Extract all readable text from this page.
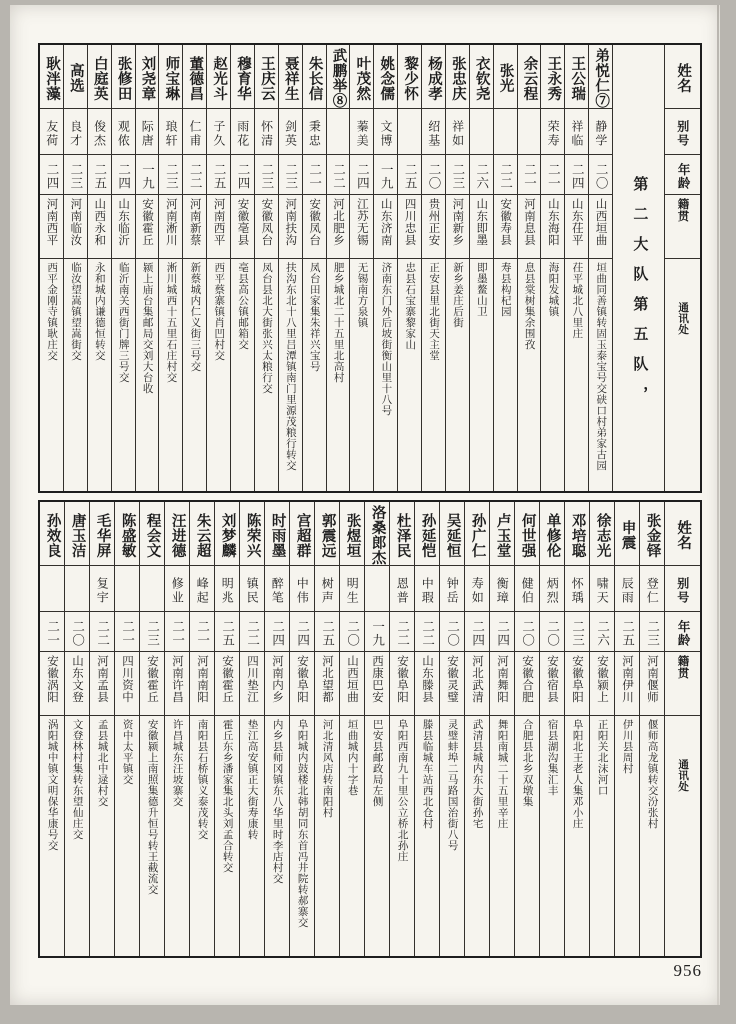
姓名
别号
年龄
籍贯
通讯处
第二大队第五队，
弟悦仁⑦
静学
二〇
山西垣曲
垣曲同善镇转固玉泰宝号交硖口村弟家古园
王公瑞
祥临
二四
山东茌平
茌平城北八里庄
王永秀
荣寿
二一
山东海阳
海阳发城镇
余云程
二一
河南息县
息县棠树集余围孜
张光
二二
安徽寿县
寿县构杞园
衣钦尧
二六
山东即墨
即墨鳌山卫
张忠庆
祥如
二三
河南新乡
新乡姜庄后街
杨成孝
绍基
二〇
贵州正安
正安县里北街天主堂
黎少怀
二五
四川忠县
忠县石宝寨黎家山
姚念儒
文博
一九
山东济南
济南东门外后坡街衡山里十八号
叶茂然
蓁美
二四
江苏无锡
无锡南方泉镇
武鹏举⑧
二二
河北肥乡
肥乡城北二十五里北高村
朱长信
秉忠
二一
安徽凤台
凤台田家集朱祥兴宝号
聂祥生
剑英
二三
河南扶沟
扶沟东北十八里吕潭镇南门里源茂粮行转交
王庆云
怀清
二三
安徽凤台
凤台县北大街张兴太粮行交
穆育华
雨花
二四
安徽亳县
亳县高公镇邮箱交
赵光斗
子久
二五
河南西平
西平蔡寨镇肖凹村交
董德昌
仁甫
二二
河南新蔡
新蔡城内仁义街三号交
师宝琳
琅轩
二三
河南淅川
淅川城西十五里石庄村交
刘尧章
际唐
一九
安徽霍丘
颍上庙台集邮局交刘大台收
张修田
观侬
二四
山东临沂
临沂南关西街门牌三号交
白庭英
俊杰
二五
山西永和
永和城内谦德恒转交
高选
良才
二三
河南临汝
临汝望嵩镇望嵩街交
耿泮藻
友荷
二四
河南西平
西平金刚寺镇耿庄交
姓名
别号
年龄
籍贯
通讯处
张金铎
登仁
二三
河南偃师
偃师高龙镇转交汾张村
申震
辰雨
二五
河南伊川
伊川县周村
徐志光
啸天
二六
安徽颍上
正阳关北沫河口
邓培聪
怀瑀
二三
安徽阜阳
阜阳北王老人集邓小庄
单修伦
炳烈
二〇
安徽宿县
宿县湖沟集汇丰
何世强
健伯
二〇
安徽合肥
合肥县北乡双墩集
卢玉堂
衡璋
二四
河南舞阳
舞阳南城二十五里辛庄
孙广仁
寿如
二四
河北武清
武清县城内东大街孙宅
吴延恒
钟岳
二〇
安徽灵璧
灵璧蚌埠二马路国治街八号
孙延恺
中瑕
二二
山东滕县
滕县临城车站西北仓村
杜泽民
恩普
二二
安徽阜阳
阜阳西南九十里公立桥北孙庄
洛桑郎杰
一九
西康巴安
巴安县邮政局左侧
张煜垣
明生
二〇
山西垣曲
垣曲城内十字巷
郭震远
树声
二五
河北望都
河北清风店转南阳村
宫超群
中伟
二四
安徽阜阳
阜阳城内鼓楼北韩胡同东首冯井院转郝寨交
时雨墨
醉笔
二四
河南内乡
内乡县师冈镇东八华里时李店村交
陈荣兴
镇民
二二
四川垫江
垫江高安镇正大街寿康转
刘梦麟
明兆
二五
安徽霍丘
霍丘东乡潘家集北头刘孟合转交
朱云超
峰起
二一
河南南阳
南阳县石桥镇义泰茂转交
汪进德
修业
二一
河南许昌
许昌城东汪坡寨交
程会文
二三
安徽霍丘
安徽颍上南照集德升恒号转王截流交
陈盛敏
二一
四川资中
资中太平镇交
毛华屏
复宇
二二
河南孟县
孟县城北中逯村交
唐玉洁
二〇
山东文登
文登林村集转东望仙庄交
孙效良
二一
安徽涡阳
涡阳城中镇文明保华康号交
956
